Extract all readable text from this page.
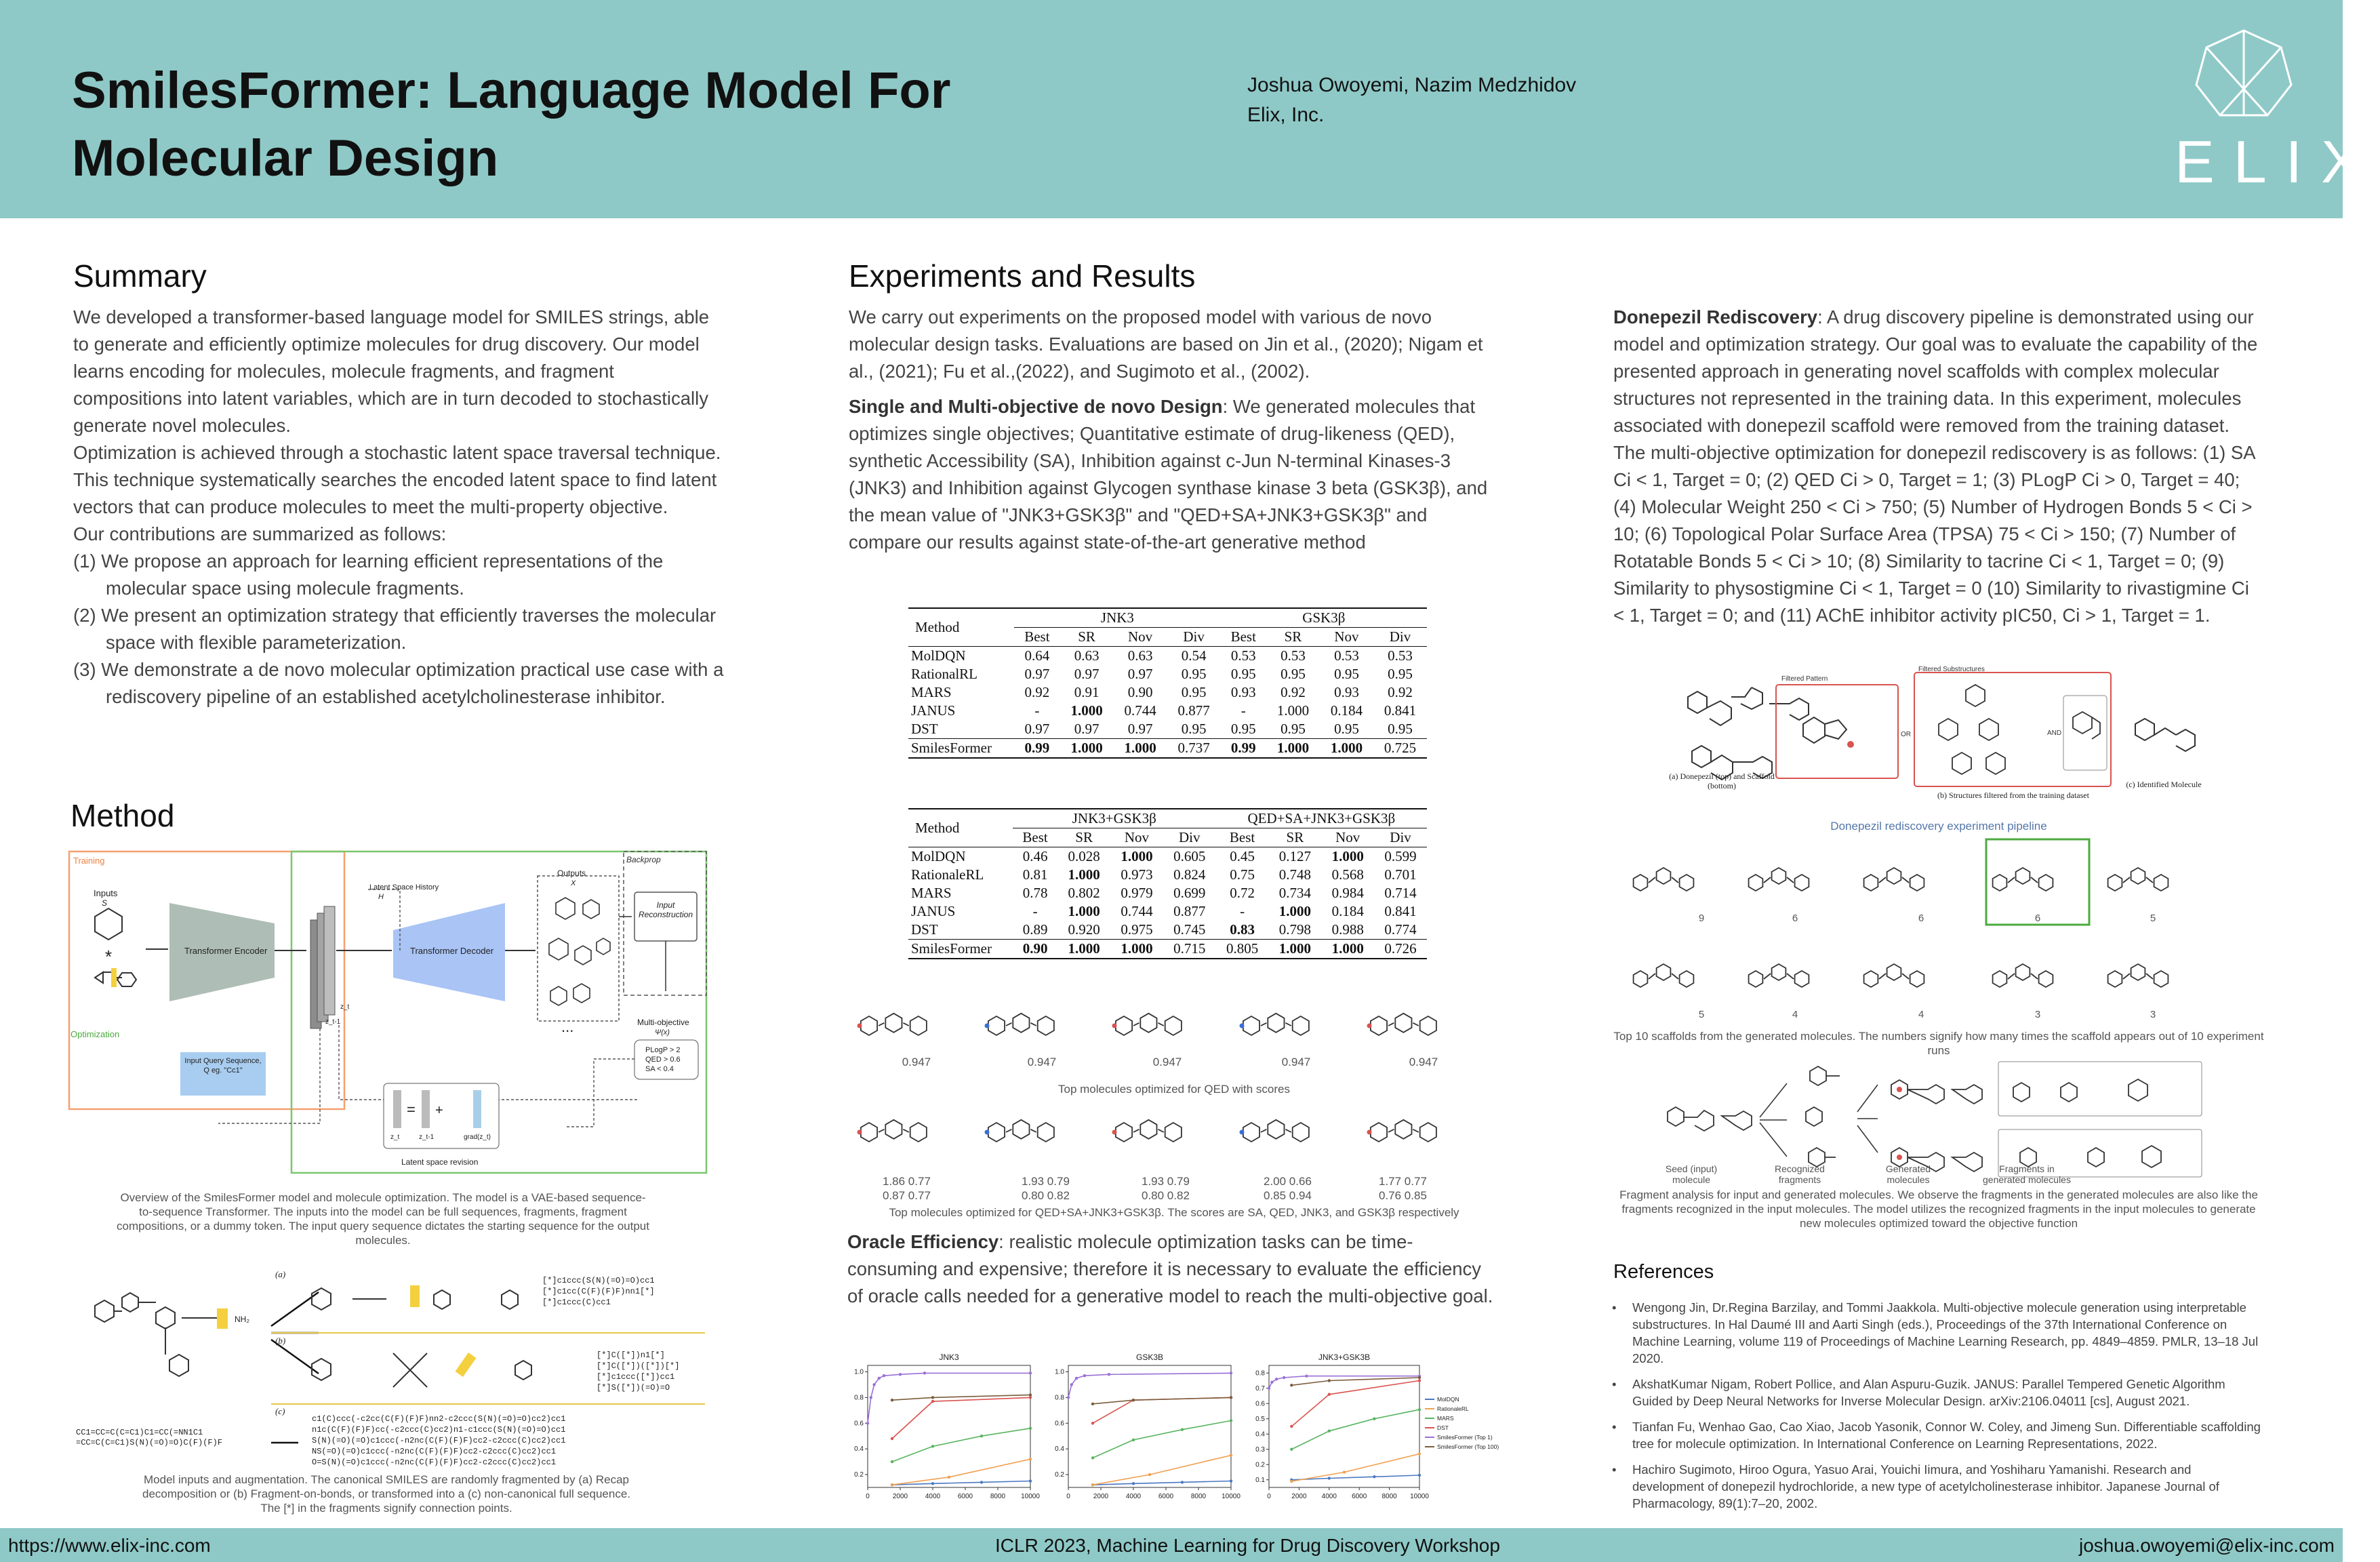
SmilesFormer: Language Model For
Molecular Design
Joshua Owoyemi, Nazim Medzhidov
Elix, Inc.
ELIX
Summary
We developed a transformer-based language model for SMILES strings, able to generate and efficiently optimize molecules for drug discovery. Our model learns encoding for molecules, molecule fragments, and fragment compositions into latent variables, which are in turn decoded to stochastically generate novel molecules.
Optimization is achieved through a stochastic latent space traversal technique. This technique systematically searches the encoded latent space to find latent vectors that can produce molecules to meet the multi-property objective.
Our contributions are summarized as follows:
(1) We propose an approach for learning efficient representations of the molecular space using molecule fragments.
(2) We present an optimization strategy that efficiently traverses the molecular space with flexible parameterization.
(3) We demonstrate a de novo molecular optimization practical use case with a rediscovery pipeline of an established acetylcholinesterase inhibitor.
Method
Training
Optimization
Backprop
Inputs
S
*	Transformer Encoder
Latent Space History
H
z_t
z_t-1
Transformer Decoder
Outputs
X
...
Input Reconstruction
Multi-objective
Ψ(x)
PLogP > 2
QED > 0.6
SA < 0.4
Input Query Sequence, Q eg. "Cc1"
= +
z_t	z_t-1	grad(z_t)
Latent space revision
Overview of the SmilesFormer model and molecule optimization. The model is a VAE-based sequence-to-sequence Transformer. The inputs into the model can be full sequences, fragments, fragment compositions, or a dummy token. The input query sequence dictates the starting sequence for the output molecules.
NH₂
(a)
(b)
(c)
[*]c1ccc(S(N)(=O)=O)cc1
[*]c1cc(C(F)(F)F)nn1[*]
[*]c1ccc(C)cc1
[*]C([*])n1[*]
[*]C([*])([*])[*]
[*]c1ccc([*])cc1
[*]S([*])(=O)=O
c1(C)ccc(-c2cc(C(F)(F)F)nn2-c2ccc(S(N)(=O)=O)cc2)cc1
n1c(C(F)(F)F)cc(-c2ccc(C)cc2)n1-c1ccc(S(N)(=O)=O)cc1
S(N)(=O)(=O)c1ccc(-n2nc(C(F)(F)F)cc2-c2ccc(C)cc2)cc1
NS(=O)(=O)c1ccc(-n2nc(C(F)(F)F)cc2-c2ccc(C)cc2)cc1
O=S(N)(=O)c1ccc(-n2nc(C(F)(F)F)cc2-c2ccc(C)cc2)cc1
CC1=CC=C(C=C1)C1=CC(=NN1C1
=CC=C(C=C1)S(N)(=O)=O)C(F)(F)F
Model inputs and augmentation. The canonical SMILES are randomly fragmented by (a) Recap decomposition or (b) Fragment-on-bonds, or transformed into a (c) non-canonical full sequence. The [*] in the fragments signify connection points.
Experiments and Results
We carry out experiments on the proposed model with various de novo molecular design tasks. Evaluations are based on Jin et al., (2020); Nigam et al., (2021); Fu et al.,(2022), and Sugimoto et al., (2002).
Single and Multi-objective de novo Design: We generated molecules that optimizes single objectives; Quantitative estimate of drug-likeness (QED), synthetic Accessibility (SA), Inhibition against c-Jun N-terminal Kinases-3 (JNK3) and Inhibition against Glycogen synthase kinase 3 beta (GSK3β), and the mean value of "JNK3+GSK3β" and "QED+SA+JNK3+GSK3β" and compare our results against state-of-the-art generative method
Method	JNK3				GSK3β			
	Best	SR	Nov	Div	Best	SR	Nov	Div
MolDQN	0.64	0.63	0.63	0.54	0.53	0.53	0.53	0.53
RationalRL	0.97	0.97	0.97	0.95	0.95	0.95	0.95	0.95
MARS	0.92	0.91	0.90	0.95	0.93	0.92	0.93	0.92
JANUS	-	1.000	0.744	0.877	-	1.000	0.184	0.841
DST	0.97	0.97	0.97	0.95	0.95	0.95	0.95	0.95
SmilesFormer	0.99	1.000	1.000	0.737	0.99	1.000	1.000	0.725
Method	JNK3+GSK3β				QED+SA+JNK3+GSK3β			
	Best	SR	Nov	Div	Best	SR	Nov	Div
MolDQN	0.46	0.028	1.000	0.605	0.45	0.127	1.000	0.599
RationaleRL	0.81	1.000	0.973	0.824	0.75	0.748	0.568	0.701
MARS	0.78	0.802	0.979	0.699	0.72	0.734	0.984	0.714
JANUS	-	1.000	0.744	0.877	-	1.000	0.184	0.841
DST	0.89	0.920	0.975	0.745	0.83	0.798	0.988	0.774
SmilesFormer	0.90	1.000	1.000	0.715	0.805	1.000	1.000	0.726
0.947	0.947	0.947	0.947	0.947
Top molecules optimized for QED with scores
1.86 0.77
0.87 0.77
1.93 0.79
0.80 0.82
1.93 0.79
0.80 0.82
2.00 0.66
0.85 0.94
1.77 0.77
0.76 0.85
Top molecules optimized for QED+SA+JNK3+GSK3β. The scores are SA, QED, JNK3, and GSK3β respectively
Oracle Efficiency: realistic molecule optimization tasks can be time-consuming and expensive; therefore it is necessary to evaluate the efficiency of oracle calls needed for a generative model to reach the multi-objective goal.
JNK3
0	2000	4000	6000	8000 10000
0.2
0.4
0.6
0.8
1.0
GSK3B
0	2000	4000	6000	8000 10000
0.2
0.4
0.6
0.8
1.0
JNK3+GSK3B
0	2000 4000 6000 8000 10000
0.1
0.2
0.3
0.4
0.5
0.6
0.7
0.8
MolDQN
RationaleRL
MARS
DST
SmilesFormer (Top 1)
SmilesFormer (Top 100)
Donepezil Rediscovery: A drug discovery pipeline is demonstrated using our model and optimization strategy. Our goal was to evaluate the capability of the presented approach in generating novel scaffolds with complex molecular structures not represented in the training data. In this experiment, molecules associated with donepezil scaffold were removed from the training dataset. The multi-objective optimization for donepezil rediscovery is as follows: (1) SA Ci < 1, Target = 0; (2) QED Ci > 0, Target = 1; (3) PLogP Ci > 0, Target = 40; (4) Molecular Weight 250 < Ci > 750; (5) Number of Hydrogen Bonds 5 < Ci > 10; (6) Topological Polar Surface Area (TPSA) 75 < Ci > 150; (7) Number of Rotatable Bonds 5 < Ci > 10; (8) Similarity to tacrine Ci < 1, Target = 0; (9) Similarity to physostigmine Ci < 1, Target = 0 (10) Similarity to rivastigmine Ci < 1, Target = 0; and (11) AChE inhibitor activity pIC50, Ci > 1, Target = 1.
Filtered Pattern
OR
Filtered Substructures
AND
(a) Donepezil (top) and Scaffold (bottom)
(b) Structures filtered from the training dataset
(c) Identified Molecule
Donepezil rediscovery experiment pipeline
9	6	6	6	5
5	4	4	3	3
Top 10 scaffolds from the generated molecules. The numbers signify how many times the scaffold appears out of 10 experiment runs
Seed (input) molecule
Recognized fragments
Generated molecules
Fragments in generated molecules
Fragment analysis for input and generated molecules. We observe the fragments in the generated molecules are also like the fragments recognized in the input molecules. The model utilizes the recognized fragments in the input molecules to generate new molecules optimized toward the objective function
References
• Wengong Jin, Dr.Regina Barzilay, and Tommi Jaakkola. Multi-objective molecule generation using interpretable substructures. In Hal Daumé III and Aarti Singh (eds.), Proceedings of the 37th International Conference on Machine Learning, volume 119 of Proceedings of Machine Learning Research, pp. 4849–4859. PMLR, 13–18 Jul 2020.
• AkshatKumar Nigam, Robert Pollice, and Alan Aspuru-Guzik. JANUS: Parallel Tempered Genetic Algorithm Guided by Deep Neural Networks for Inverse Molecular Design. arXiv:2106.04011 [cs], August 2021.
• Tianfan Fu, Wenhao Gao, Cao Xiao, Jacob Yasonik, Connor W. Coley, and Jimeng Sun. Differentiable scaffolding tree for molecule optimization. In International Conference on Learning Representations, 2022.
• Hachiro Sugimoto, Hiroo Ogura, Yasuo Arai, Youichi Iimura, and Yoshiharu Yamanishi. Research and development of donepezil hydrochloride, a new type of acetylcholinesterase inhibitor. Japanese Journal of Pharmacology, 89(1):7–20, 2002.
https://www.elix-inc.com	ICLR 2023, Machine Learning for Drug Discovery Workshop	joshua.owoyemi@elix-inc.com
